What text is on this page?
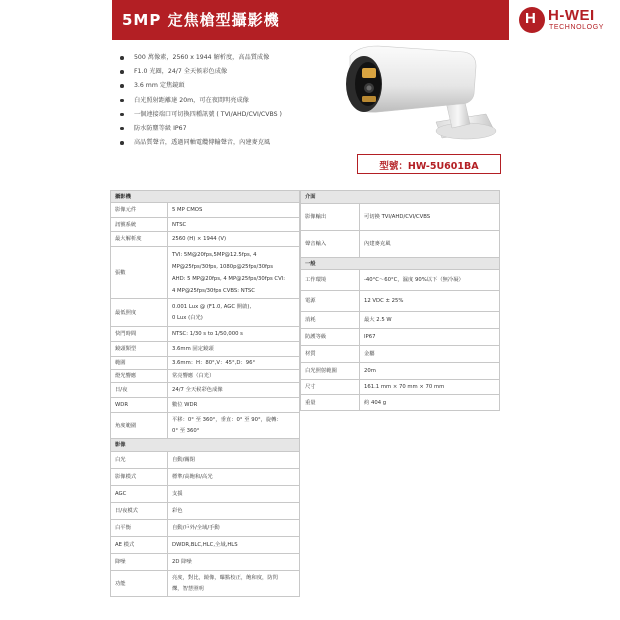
5MP 定焦槍型攝影機	H H-WEI
TECHNOLOGY
500 萬像素，2560 x 1944 解析度，高品質成像
F1.0 光圈，24/7 全天候彩色成像
3.6 mm 定焦鏡頭
白光照射距離達 20m，可在夜間明亮成像
一個連接端口可切換四種訊號 ( TVI/AHD/CVI/CVBS )
防水防塵等級 IP67
高品質聲音，透過同軸電纜傳輸聲音，內建麥克風
型號：HW-5U601BA
攝影機	
影像元件	5 MP CMOS
訊號系統	NTSC
最大解析度	2560 (H) × 1944 (V)
張數	TVI: 5M@20fps,5MP@12.5fps, 4
MP@25fps/30fps, 1080p@25fps/30fps
AHD: 5 MP@20fps, 4 MP@25fps/30fps CVI:
4 MP@25fps/30fps CVBS: NTSC

最低照度	0.001 Lux @ (F1.0, AGC 開啟),
0 Lux (白光)

快門時間	NTSC: 1/30 s to 1/50,000 s
鏡頭類型	3.6mm 固定鏡頭
範圍	3.6mm：H：80°,V：45°,D：96°
燈光響應	常亮響應（白光）
日/夜	24/7 全天候彩色成像
WDR	數位 WDR
角度範圍	平移：0° 至 360°，垂直：0° 至 90°，旋轉：
0° 至 360°

影像	
白光	自動/關閉
影像模式	標準/高飽和/高光
AGC	支援
日/夜模式	彩色
白平衡	自動/戶外/全域/手動
AE 模式	DWDR,BLC,HLC,全域,HLS
降噪	2D 降噪
功能	亮度，對比，鏡像，曝點校正，飽和度，防閃
爍，智慧照明
介面	
影像輸出	可切換 TVI/AHD/CVI/CVBS
聲音輸入	內建麥克風
一般	
工作環境	-40°C～60°C，濕度 90%以下（無冷凝）
電源	12 VDC ± 25%
消耗	最大 2.5 W
防護等級	IP67
材質	金屬
白光照射範圍	20m
尺寸	161.1 mm × 70 mm × 70 mm
重量	約 404 g
